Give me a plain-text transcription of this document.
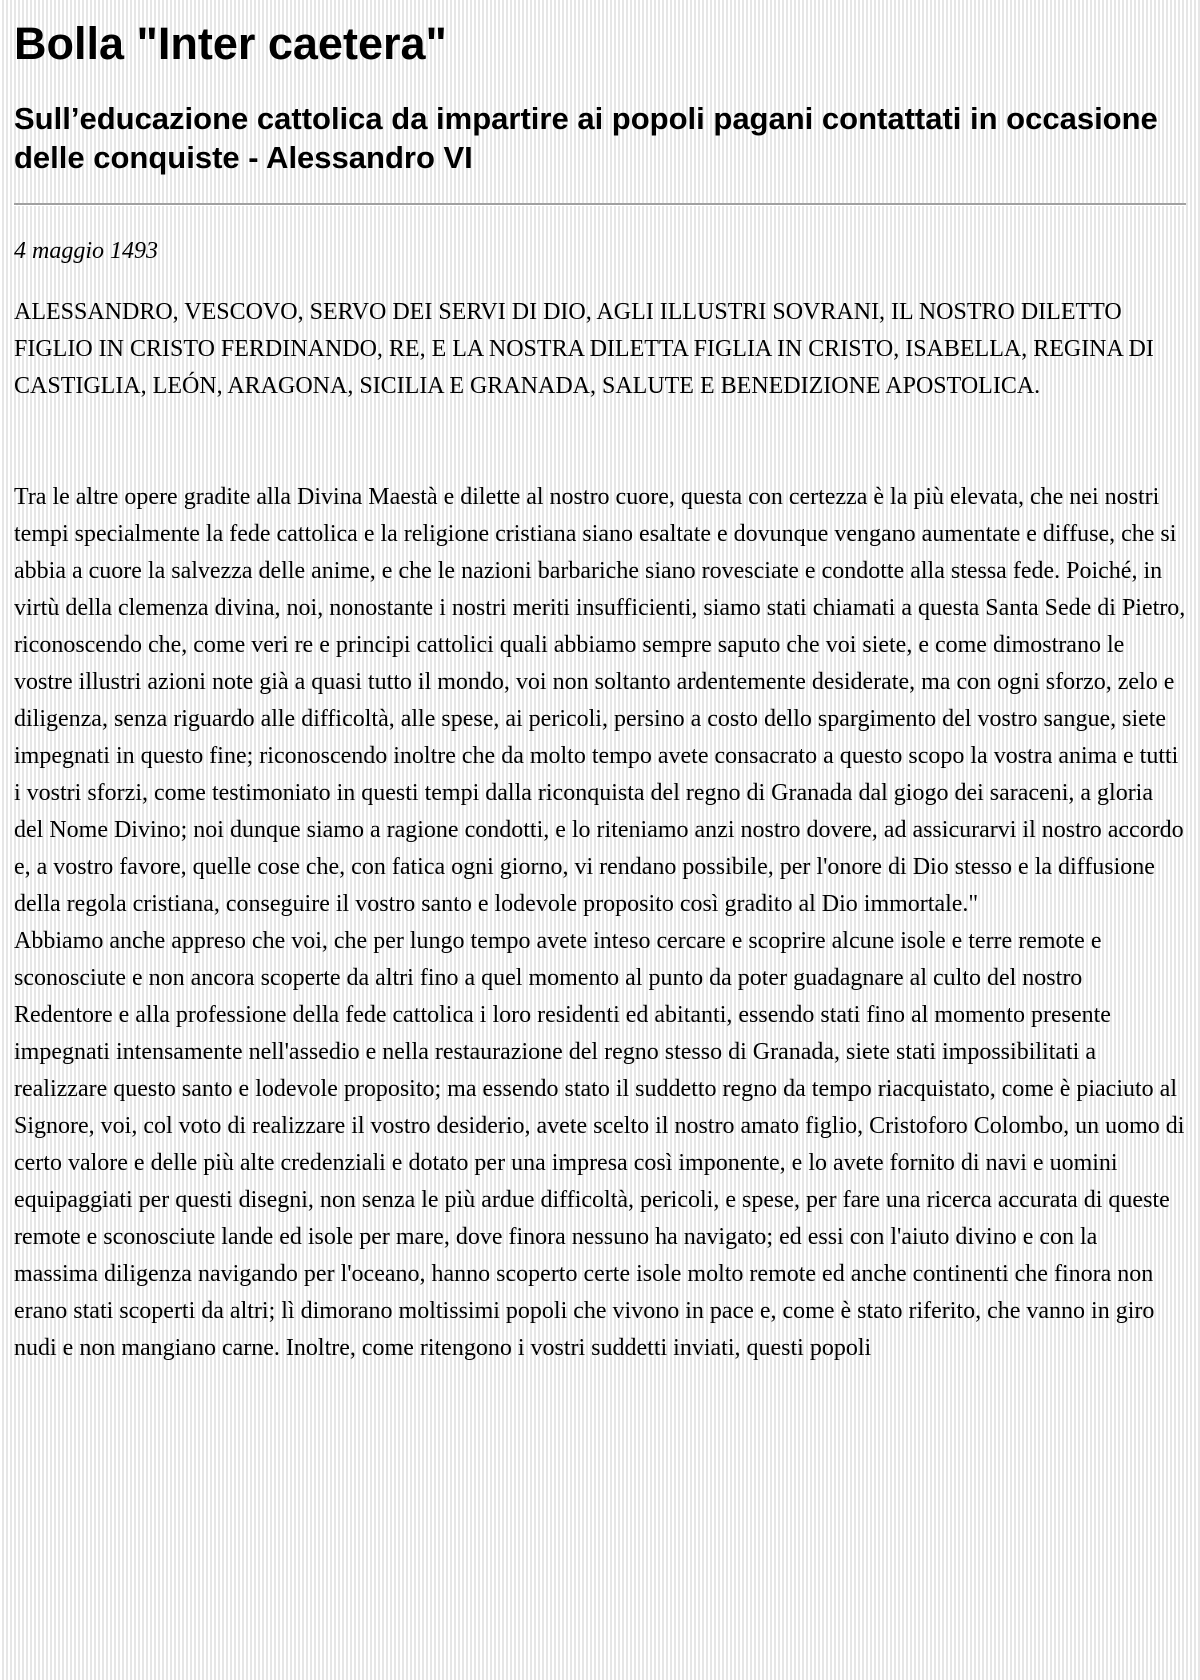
Bolla "Inter caetera"
Sull’educazione cattolica da impartire ai popoli pagani contattati in occasione delle conquiste - Alessandro VI

4 maggio 1493

ALESSANDRO, VESCOVO, SERVO DEI SERVI DI DIO, AGLI ILLUSTRI SOVRANI, IL NOSTRO DILETTO FIGLIO IN CRISTO FERDINANDO, RE, E LA NOSTRA DILETTA FIGLIA IN CRISTO, ISABELLA, REGINA DI CASTIGLIA, LEÓN, ARAGONA, SICILIA E GRANADA, SALUTE E BENEDIZIONE APOSTOLICA.

Tra le altre opere gradite alla Divina Maestà e dilette al nostro cuore, questa con certezza è la più elevata, che nei nostri tempi specialmente la fede cattolica e la religione cristiana siano esaltate e dovunque vengano aumentate e diffuse, che si abbia a cuore la salvezza delle anime, e che le nazioni barbariche siano rovesciate e condotte alla stessa fede. Poiché, in virtù della clemenza divina, noi, nonostante i nostri meriti insufficienti, siamo stati chiamati a questa Santa Sede di Pietro, riconoscendo che, come veri re e principi cattolici quali abbiamo sempre saputo che voi siete, e come dimostrano le vostre illustri azioni note già a quasi tutto il mondo, voi non soltanto ardentemente desiderate, ma con ogni sforzo, zelo e diligenza, senza riguardo alle difficoltà, alle spese, ai pericoli, persino a costo dello spargimento del vostro sangue, siete impegnati in questo fine; riconoscendo inoltre che da molto tempo avete consacrato a questo scopo la vostra anima e tutti i vostri sforzi, come testimoniato in questi tempi dalla riconquista del regno di Granada dal giogo dei saraceni, a gloria del Nome Divino; noi dunque siamo a ragione condotti, e lo riteniamo anzi nostro dovere, ad assicurarvi il nostro accordo e, a vostro favore, quelle cose che, con fatica ogni giorno, vi rendano possibile, per l'onore di Dio stesso e la diffusione della regola cristiana, conseguire il vostro santo e lodevole proposito così gradito al Dio immortale."
Abbiamo anche appreso che voi, che per lungo tempo avete inteso cercare e scoprire alcune isole e terre remote e sconosciute e non ancora scoperte da altri fino a quel momento al punto da poter guadagnare al culto del nostro Redentore e alla professione della fede cattolica i loro residenti ed abitanti, essendo stati fino al momento presente impegnati intensamente nell'assedio e nella restaurazione del regno stesso di Granada, siete stati impossibilitati a realizzare questo santo e lodevole proposito; ma essendo stato il suddetto regno da tempo riacquistato, come è piaciuto al Signore, voi, col voto di realizzare il vostro desiderio, avete scelto il nostro amato figlio, Cristoforo Colombo, un uomo di certo valore e delle più alte credenziali e dotato per una impresa così imponente, e lo avete fornito di navi e uomini equipaggiati per questi disegni, non senza le più ardue difficoltà, pericoli, e spese, per fare una ricerca accurata di queste remote e sconosciute lande ed isole per mare, dove finora nessuno ha navigato; ed essi con l'aiuto divino e con la massima diligenza navigando per l'oceano, hanno scoperto certe isole molto remote ed anche continenti che finora non erano stati scoperti da altri; lì dimorano moltissimi popoli che vivono in pace e, come è stato riferito, che vanno in giro nudi e non mangiano carne. Inoltre, come ritengono i vostri suddetti inviati, questi popoli
